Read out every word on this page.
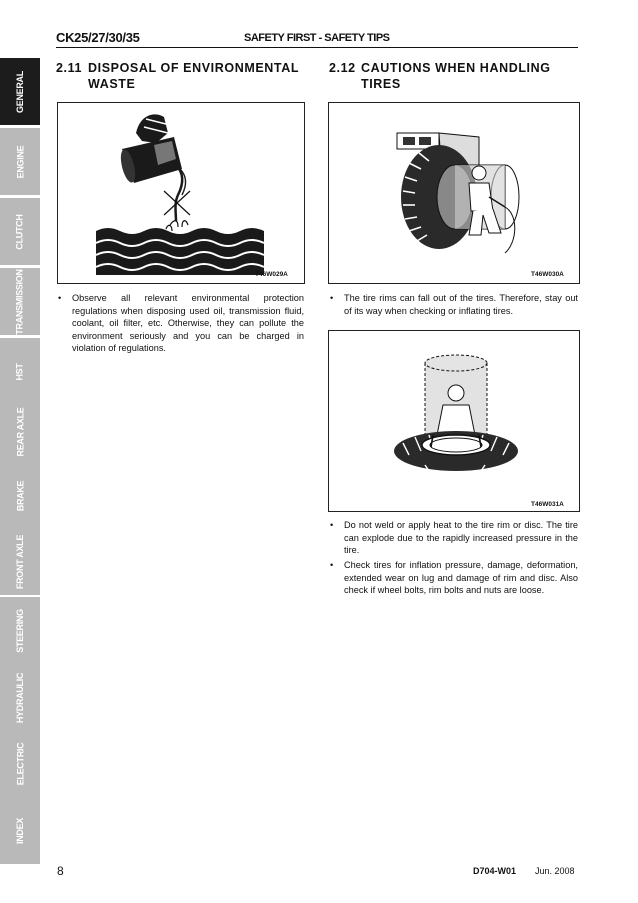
GENERAL
ENGINE
CLUTCH
TRANSMISSION
HST
REAR AXLE
BRAKE
FRONT AXLE
STEERING
HYDRAULIC
ELECTRIC
INDEX
CK25/27/30/35	SAFETY FIRST - SAFETY TIPS
2.11 DISPOSAL OF ENVIRONMENTAL
WASTE
T46W029A
•	Observe all relevant environmental protection regulations when disposing used oil, transmission fluid, coolant, oil filter, etc. Otherwise, they can pollute the environment seriously and you can be charged in violation of regulations.
2.12 CAUTIONS WHEN HANDLING
TIRES
T46W030A
•	The tire rims can fall out of the tires. Therefore, stay out of its way when checking or inflating tires.
T46W031A
•	Do not weld or apply heat to the tire rim or disc. The tire can explode due to the rapidly increased pressure in the tire.
•	Check tires for inflation pressure, damage, deformation, extended wear on lug and damage of rim and disc. Also check if wheel bolts, rim bolts and nuts are loose.
8	D704-W01 Jun. 2008
